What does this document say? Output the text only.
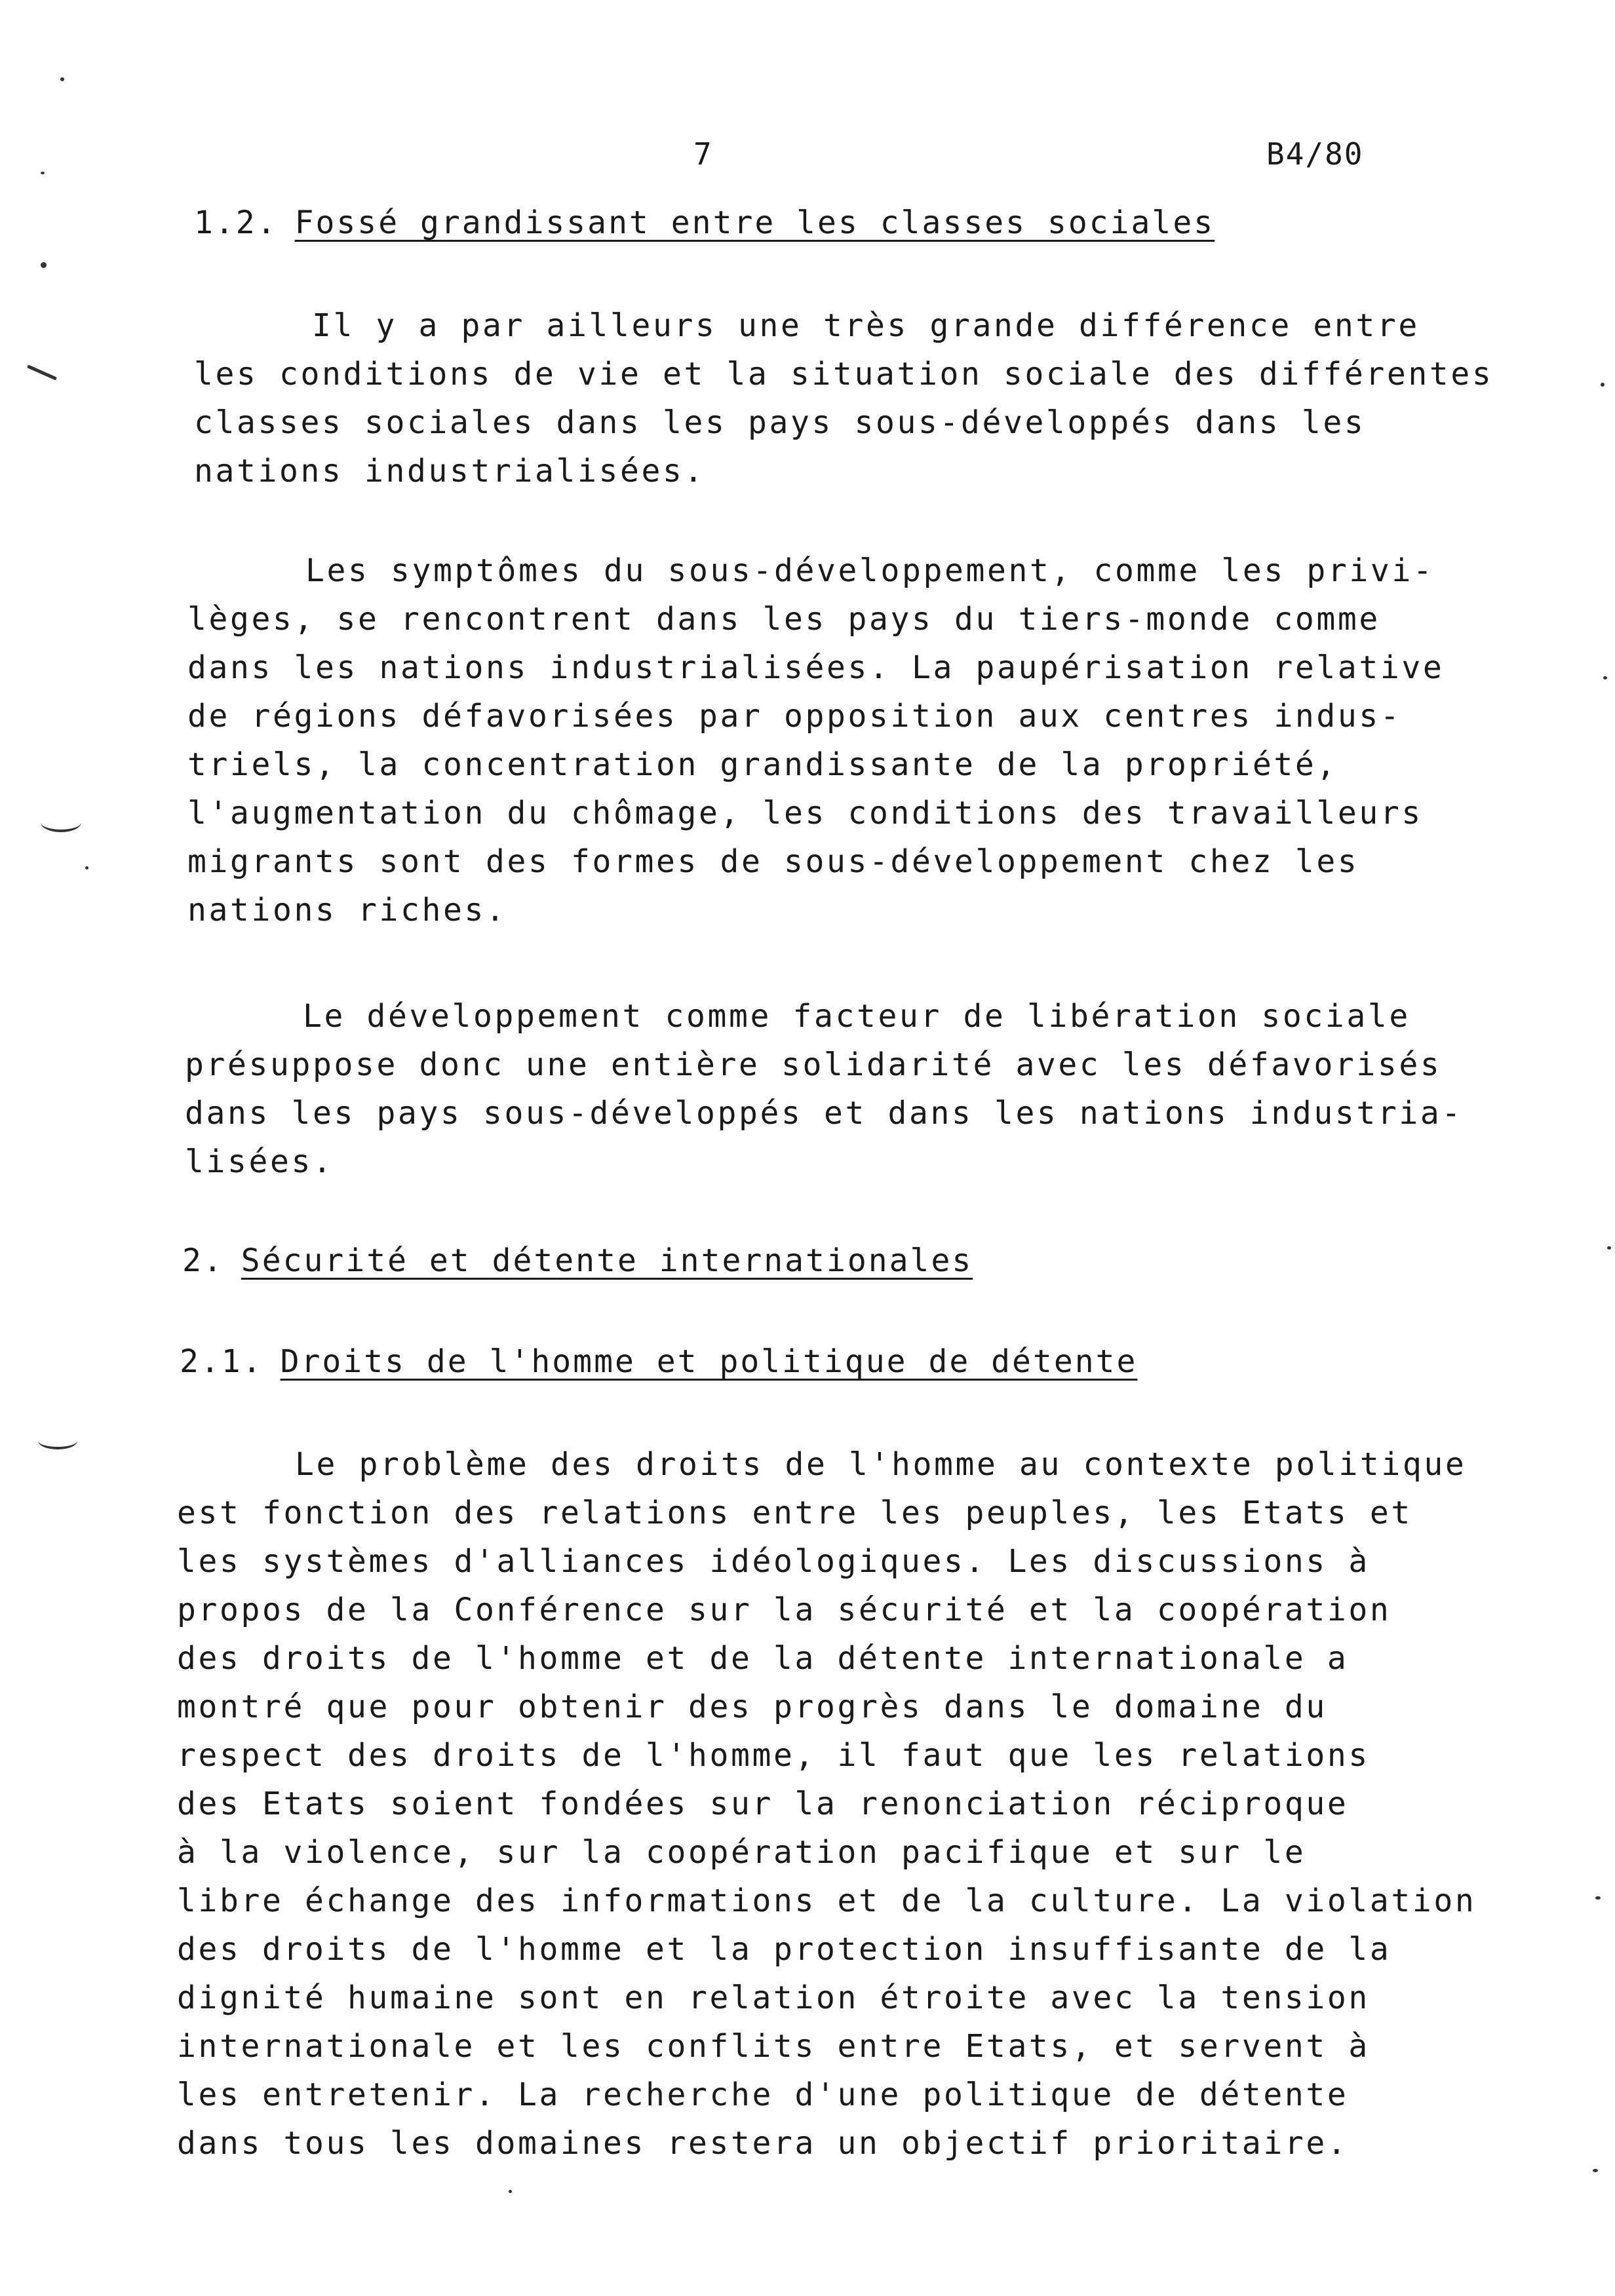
7	B4/80
1.2. Fossé grandissant entre les classes sociales
Il y a par ailleurs une très grande différence entre
les conditions de vie et la situation sociale des différentes
classes sociales dans les pays sous-développés dans les
nations industrialisées.
Les symptômes du sous-développement, comme les privi-
lèges, se rencontrent dans les pays du tiers-monde comme
dans les nations industrialisées. La paupérisation relative
de régions défavorisées par opposition aux centres indus-
triels, la concentration grandissante de la propriété,
l'augmentation du chômage, les conditions des travailleurs
migrants sont des formes de sous-développement chez les
nations riches.
Le développement comme facteur de libération sociale
présuppose donc une entière solidarité avec les défavorisés
dans les pays sous-développés et dans les nations industria-
lisées.
2. Sécurité et détente internationales
2.1. Droits de l'homme et politique de détente
Le problème des droits de l'homme au contexte politique
est fonction des relations entre les peuples, les Etats et
les systèmes d'alliances idéologiques. Les discussions à
propos de la Conférence sur la sécurité et la coopération
des droits de l'homme et de la détente internationale a
montré que pour obtenir des progrès dans le domaine du
respect des droits de l'homme, il faut que les relations
des Etats soient fondées sur la renonciation réciproque
à la violence, sur la coopération pacifique et sur le
libre échange des informations et de la culture. La violation
des droits de l'homme et la protection insuffisante de la
dignité humaine sont en relation étroite avec la tension
internationale et les conflits entre Etats, et servent à
les entretenir. La recherche d'une politique de détente
dans tous les domaines restera un objectif prioritaire.
